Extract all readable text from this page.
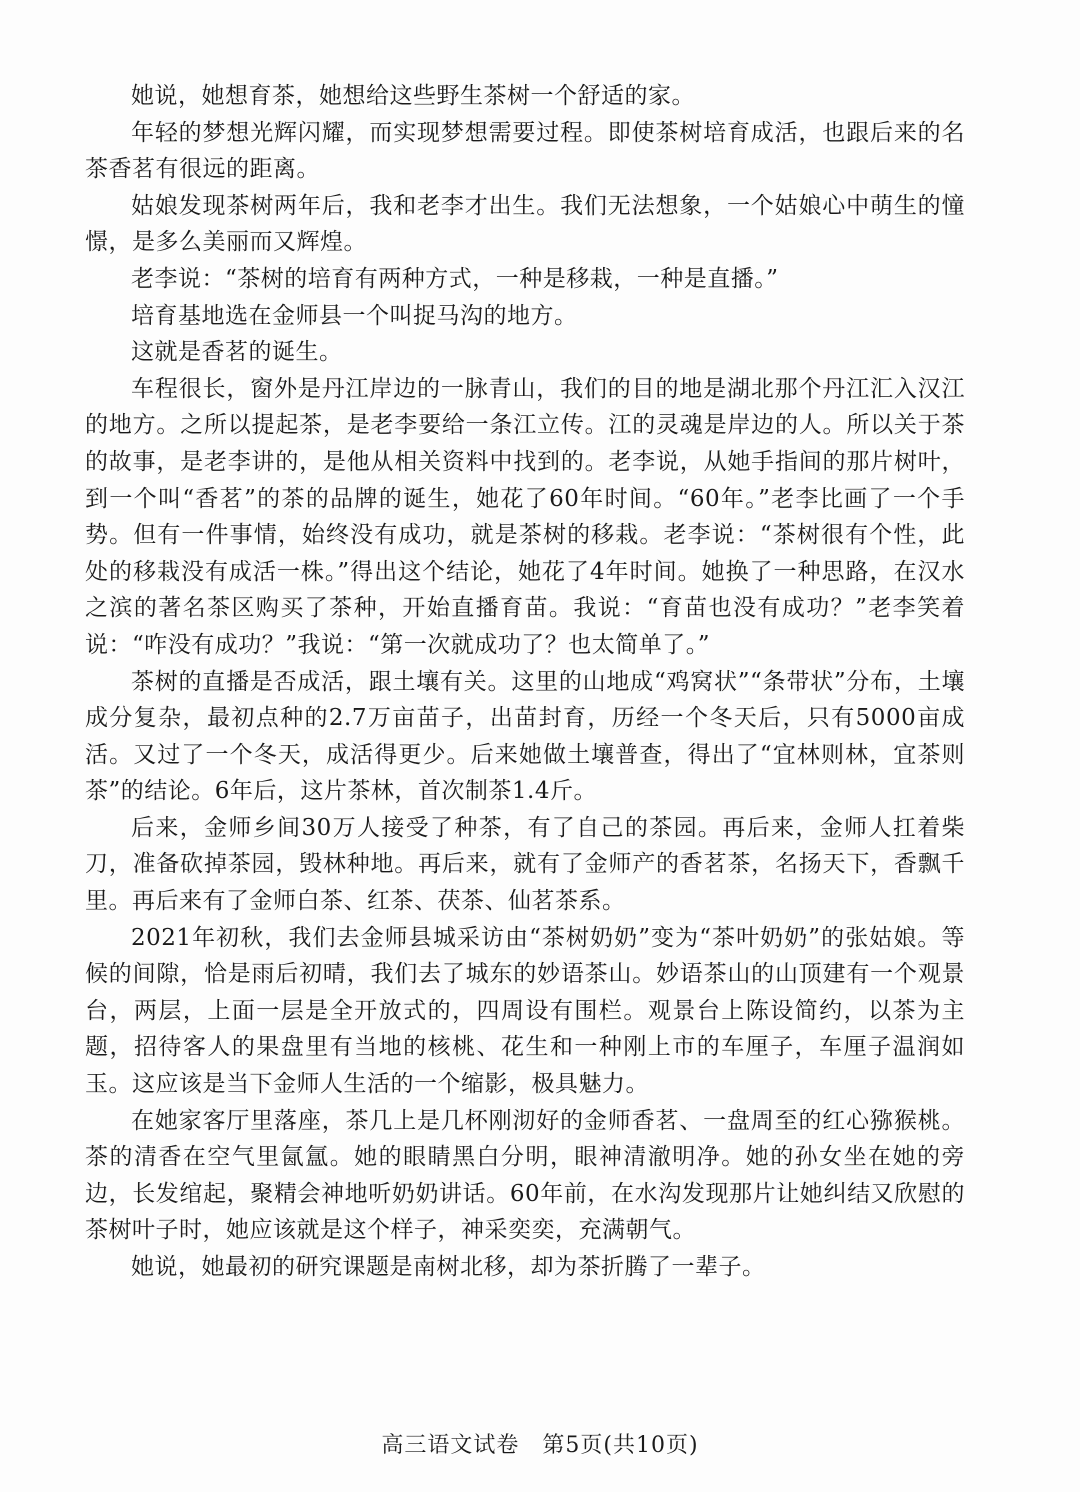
她说，她想育茶，她想给这些野生茶树一个舒适的家。

年轻的梦想光辉闪耀，而实现梦想需要过程。即使茶树培育成活，也跟后来的名茶香茗有很远的距离。

姑娘发现茶树两年后，我和老李才出生。我们无法想象，一个姑娘心中萌生的憧憬，是多么美丽而又辉煌。

老李说：“茶树的培育有两种方式，一种是移栽，一种是直播。”

培育基地选在金师县一个叫捉马沟的地方。

这就是香茗的诞生。

车程很长，窗外是丹江岸边的一脉青山，我们的目的地是湖北那个丹江汇入汉江的地方。之所以提起茶，是老李要给一条江立传。江的灵魂是岸边的人。所以关于茶的故事，是老李讲的，是他从相关资料中找到的。老李说，从她手指间的那片树叶，到一个叫“香茗”的茶的品牌的诞生，她花了60年时间。“60年。”老李比画了一个手势。但有一件事情，始终没有成功，就是茶树的移栽。老李说：“茶树很有个性，此处的移栽没有成活一株。”得出这个结论，她花了4年时间。她换了一种思路，在汉水之滨的著名茶区购买了茶种，开始直播育苗。我说：“育苗也没有成功？”老李笑着说：“咋没有成功？”我说：“第一次就成功了？也太简单了。”

茶树的直播是否成活，跟土壤有关。这里的山地成“鸡窝状”“条带状”分布，土壤成分复杂，最初点种的2.7万亩苗子，出苗封育，历经一个冬天后，只有5000亩成活。又过了一个冬天，成活得更少。后来她做土壤普查，得出了“宜林则林，宜茶则茶”的结论。6年后，这片茶林，首次制茶1.4斤。

后来，金师乡间30万人接受了种茶，有了自己的茶园。再后来，金师人扛着柴刀，准备砍掉茶园，毁林种地。再后来，就有了金师产的香茗茶，名扬天下，香飘千里。再后来有了金师白茶、红茶、茯茶、仙茗茶系。

2021年初秋，我们去金师县城采访由“茶树奶奶”变为“茶叶奶奶”的张姑娘。等候的间隙，恰是雨后初晴，我们去了城东的妙语茶山。妙语茶山的山顶建有一个观景台，两层，上面一层是全开放式的，四周设有围栏。观景台上陈设简约，以茶为主题，招待客人的果盘里有当地的核桃、花生和一种刚上市的车厘子，车厘子温润如玉。这应该是当下金师人生活的一个缩影，极具魅力。

在她家客厅里落座，茶几上是几杯刚沏好的金师香茗、一盘周至的红心猕猴桃。茶的清香在空气里氤氲。她的眼睛黑白分明，眼神清澈明净。她的孙女坐在她的旁边，长发绾起，聚精会神地听奶奶讲话。60年前，在水沟发现那片让她纠结又欣慰的茶树叶子时，她应该就是这个样子，神采奕奕，充满朝气。

她说，她最初的研究课题是南树北移，却为茶折腾了一辈子。

高三语文试卷　第5页(共10页)
